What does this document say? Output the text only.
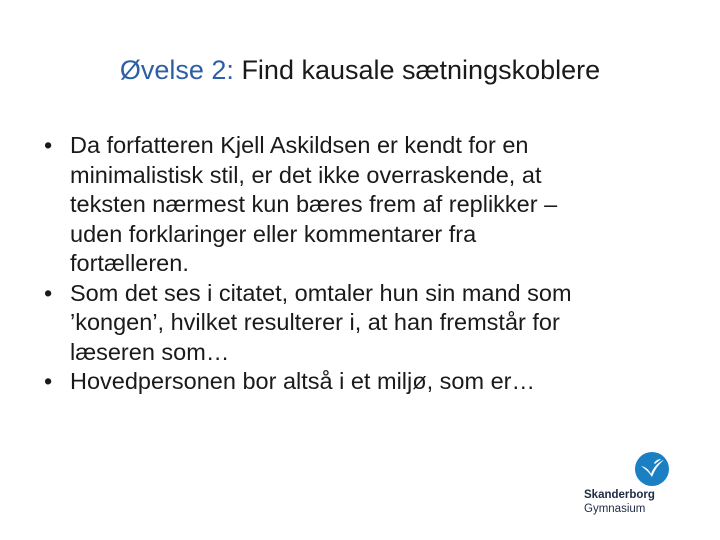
Øvelse 2: Find kausale sætningskoblere
• Da forfatteren Kjell Askildsen er kendt for en
minimalistisk stil, er det ikke overraskende, at
teksten nærmest kun bæres frem af replikker –
uden forklaringer eller kommentarer fra
fortælleren.
• Som det ses i citatet, omtaler hun sin mand som
’kongen’, hvilket resulterer i, at han fremstår for
læseren som…
• Hovedpersonen bor altså i et miljø, som er…
Skanderborg
Gymnasium
